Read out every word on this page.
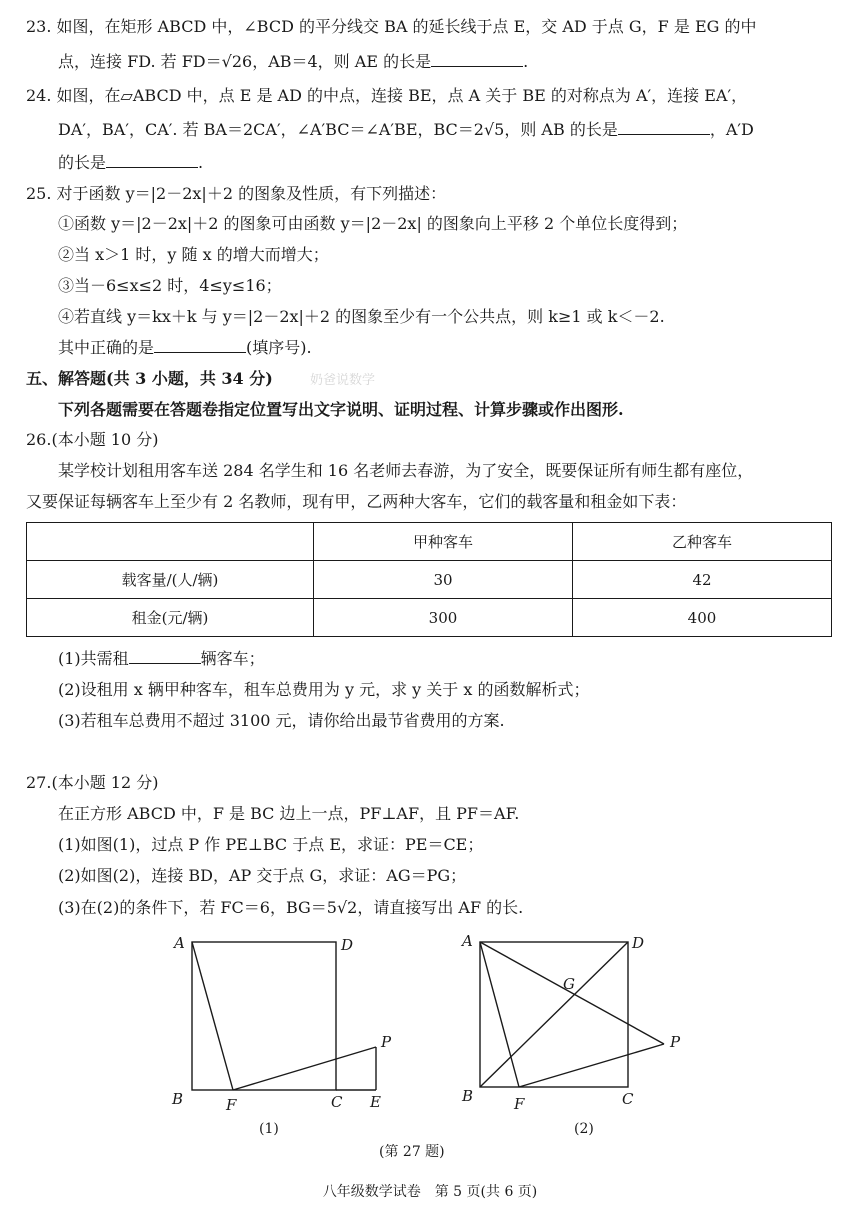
23. 如图，在矩形 ABCD 中，∠BCD 的平分线交 BA 的延长线于点 E，交 AD 于点 G，F 是 EG 的中
点，连接 FD. 若 FD＝√26，AB＝4，则 AE 的长是	.
24. 如图，在▱ABCD 中，点 E 是 AD 的中点，连接 BE，点 A 关于 BE 的对称点为 A′，连接 EA′，
DA′，BA′，CA′. 若 BA＝2CA′，∠A′BC＝∠A′BE，BC＝2√5，则 AB 的长是	，A′D
的长是	.
25. 对于函数 y＝|2－2x|＋2 的图象及性质，有下列描述：
①函数 y＝|2－2x|＋2 的图象可由函数 y＝|2－2x| 的图象向上平移 2 个单位长度得到；
②当 x＞1 时，y 随 x 的增大而增大；
③当－6≤x≤2 时，4≤y≤16；
④若直线 y＝kx＋k 与 y＝|2－2x|＋2 的图象至少有一个公共点，则 k≥1 或 k＜－2.
其中正确的是	(填序号).
五、解答题(共 3 小题，共 34 分)	奶爸说数学
下列各题需要在答题卷指定位置写出文字说明、证明过程、计算步骤或作出图形.
26.(本小题 10 分)
某学校计划租用客车送 284 名学生和 16 名老师去春游，为了安全，既要保证所有师生都有座位，
又要保证每辆客车上至少有 2 名教师，现有甲，乙两种大客车，它们的载客量和租金如下表：
	甲种客车	乙种客车
载客量/(人/辆)	30	42
租金(元/辆)	300	400
(1)共需租	辆客车；
(2)设租用 x 辆甲种客车，租车总费用为 y 元，求 y 关于 x 的函数解析式；
(3)若租车总费用不超过 3100 元，请你给出最节省费用的方案.
27.(本小题 12 分)
在正方形 ABCD 中，F 是 BC 边上一点，PF⊥AF，且 PF＝AF.
(1)如图(1)，过点 P 作 PE⊥BC 于点 E，求证：PE＝CE；
(2)如图(2)，连接 BD，AP 交于点 G，求证：AG＝PG；
(3)在(2)的条件下，若 FC＝6，BG＝5√2，请直接写出 AF 的长.
A	D
B	F	C E
P
(1)
A	D
G
P
B	F	C
(2)
(第 27 题)
八年级数学试卷　第 5 页(共 6 页)
